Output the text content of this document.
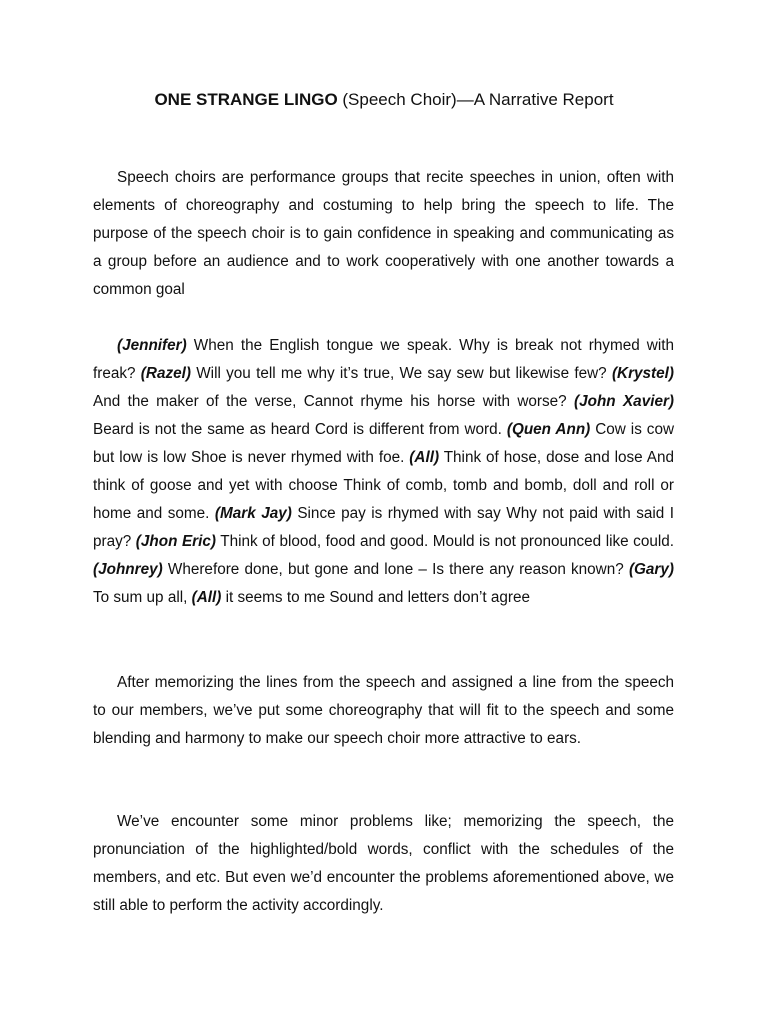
ONE STRANGE LINGO (Speech Choir)—A Narrative Report

Speech choirs are performance groups that recite speeches in union, often with elements of choreography and costuming to help bring the speech to life. The purpose of the speech choir is to gain confidence in speaking and communicating as a group before an audience and to work cooperatively with one another towards a common goal

(Jennifer) When the English tongue we speak. Why is break not rhymed with freak? (Razel) Will you tell me why it’s true, We say sew but likewise few? (Krystel) And the maker of the verse, Cannot rhyme his horse with worse? (John Xavier) Beard is not the same as heard Cord is different from word. (Quen Ann) Cow is cow but low is low Shoe is never rhymed with foe. (All) Think of hose, dose and lose And think of goose and yet with choose Think of comb, tomb and bomb, doll and roll or home and some. (Mark Jay) Since pay is rhymed with say Why not paid with said I pray? (Jhon Eric) Think of blood, food and good. Mould is not pronounced like could. (Johnrey) Wherefore done, but gone and lone – Is there any reason known? (Gary) To sum up all, (All) it seems to me Sound and letters don’t agree

After memorizing the lines from the speech and assigned a line from the speech to our members, we’ve put some choreography that will fit to the speech and some blending and harmony to make our speech choir more attractive to ears.

We’ve encounter some minor problems like; memorizing the speech, the pronunciation of the highlighted/bold words, conflict with the schedules of the members, and etc. But even we’d encounter the problems aforementioned above, we still able to perform the activity accordingly.
